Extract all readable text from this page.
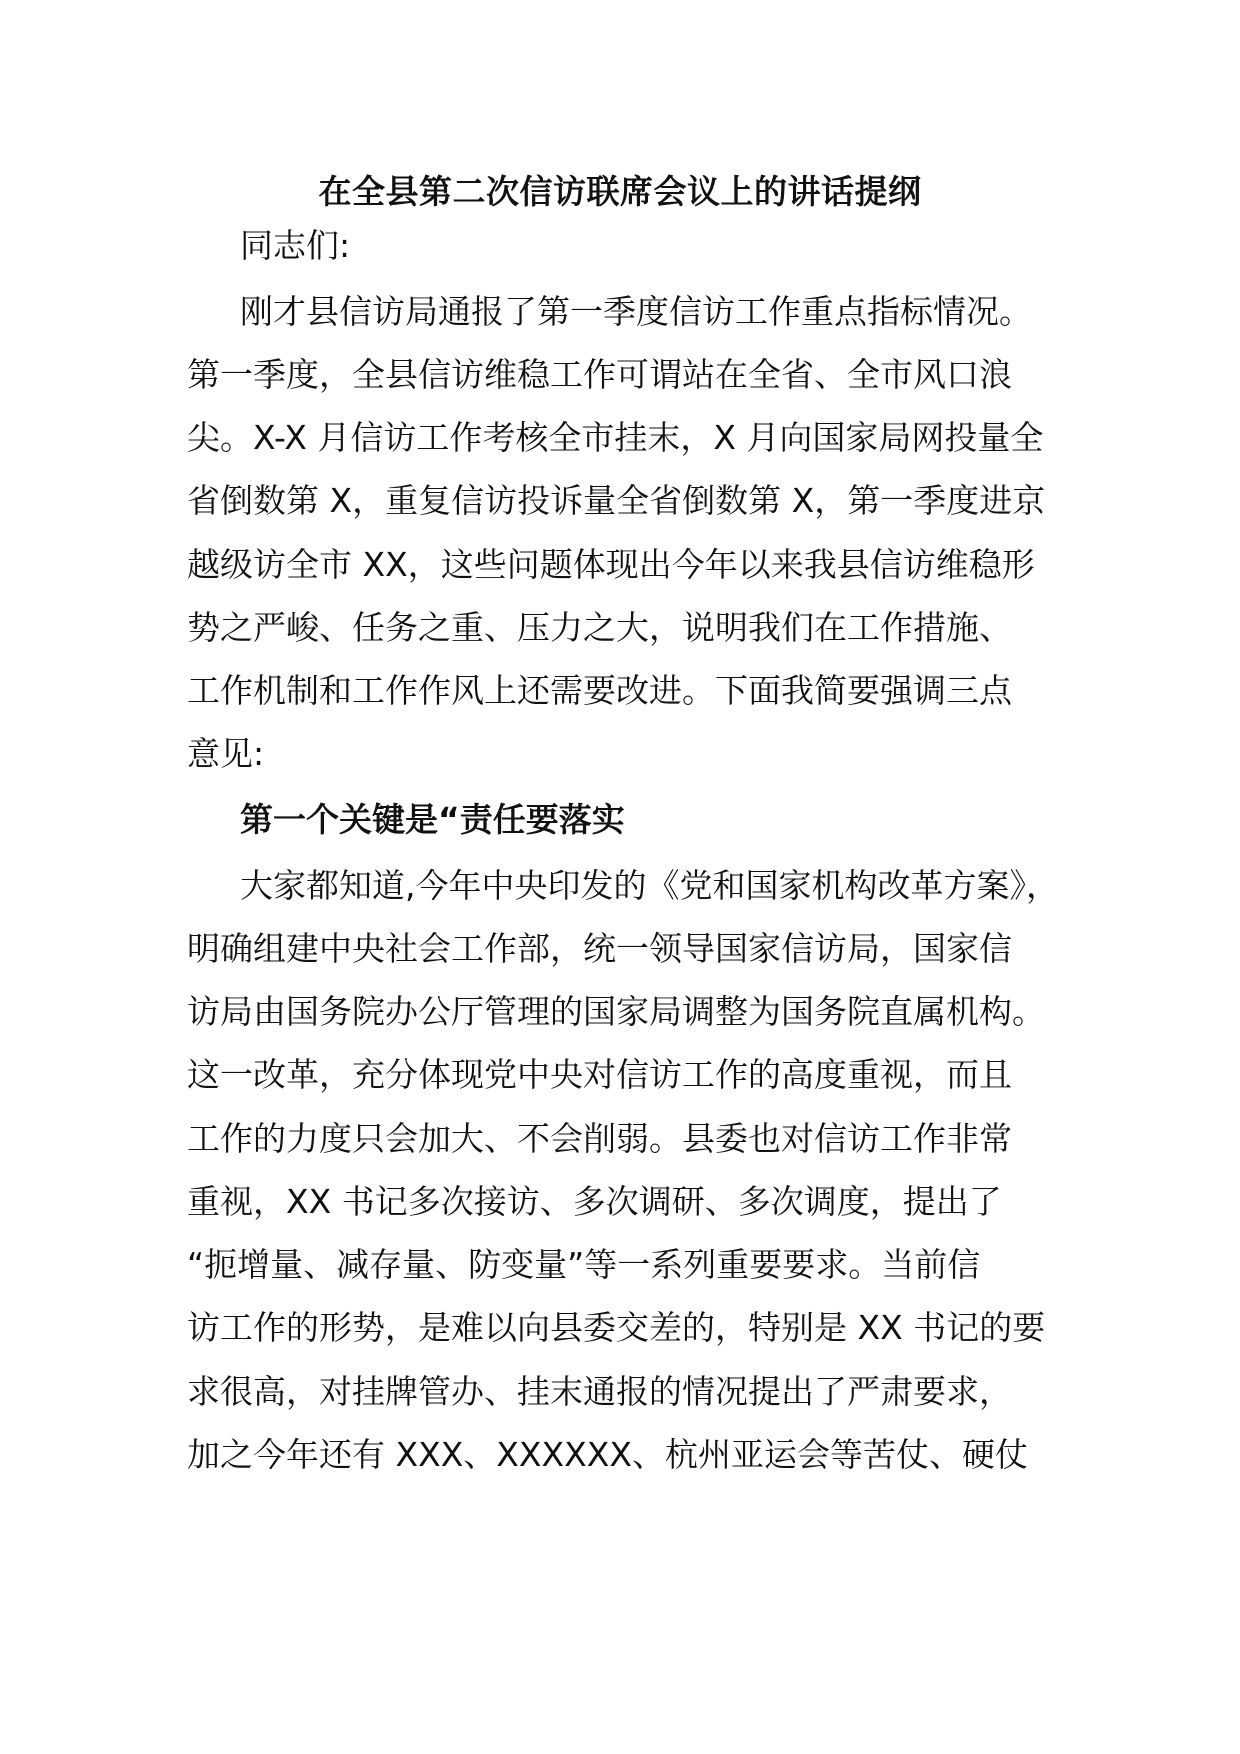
在全县第二次信访联席会议上的讲话提纲
同志们:
刚才县信访局通报了第一季度信访工作重点指标情况。
第一季度，全县信访维稳工作可谓站在全省、全市风口浪
尖。X-X 月信访工作考核全市挂末，X 月向国家局网投量全
省倒数第 X，重复信访投诉量全省倒数第 X，第一季度进京
越级访全市 XX，这些问题体现出今年以来我县信访维稳形
势之严峻、任务之重、压力之大，说明我们在工作措施、
工作机制和工作作风上还需要改进。下面我简要强调三点
意见:
第一个关键是“责任要落实
大家都知道,今年中央印发的《党和国家机构改革方案》，
明确组建中央社会工作部，统一领导国家信访局，国家信
访局由国务院办公厅管理的国家局调整为国务院直属机构。
这一改革，充分体现党中央对信访工作的高度重视，而且
工作的力度只会加大、不会削弱。县委也对信访工作非常
重视，XX 书记多次接访、多次调研、多次调度，提出了
“扼增量、减存量、防变量”等一系列重要要求。当前信
访工作的形势，是难以向县委交差的，特别是 XX 书记的要
求很高，对挂牌管办、挂末通报的情况提出了严肃要求，
加之今年还有 XXX、XXXXXX、杭州亚运会等苦仗、硬仗
